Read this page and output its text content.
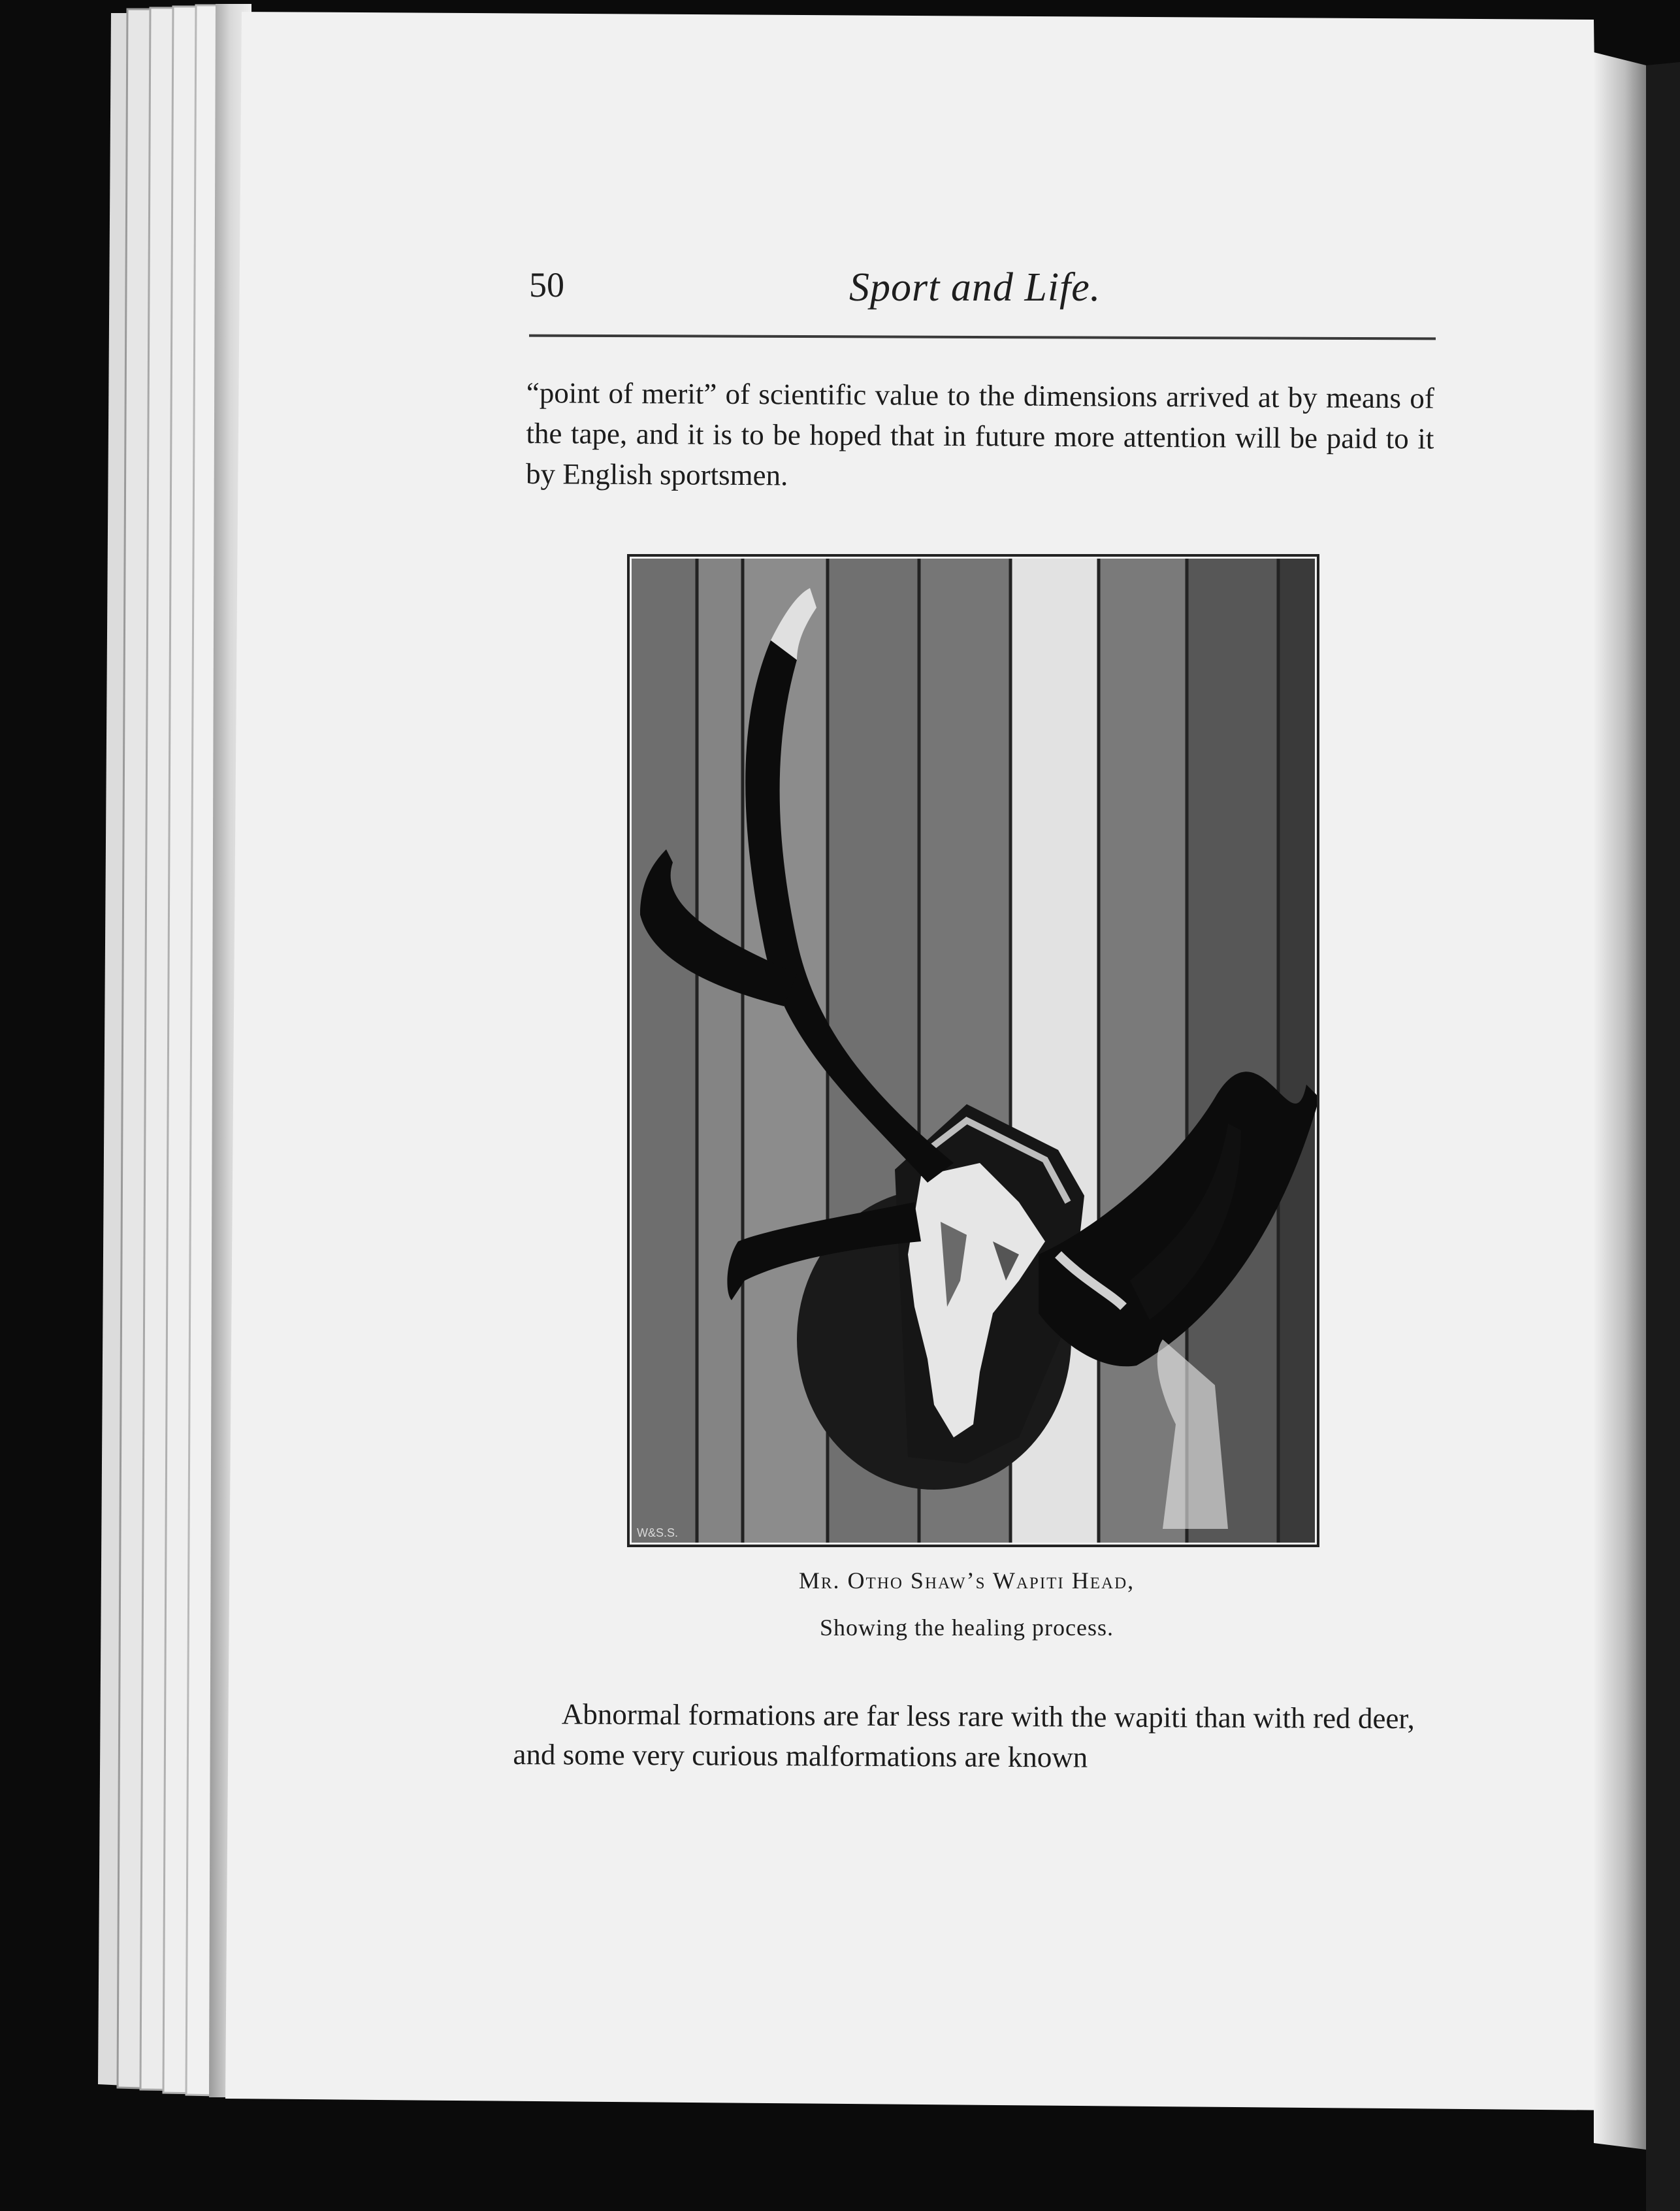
W&S.S.
50	Sport and Life.
“point of merit” of scientific value to the dimensions arrived at by means of the tape, and it is to be hoped that in future more attention will be paid to it by English sportsmen.
Mr. Otho Shaw’s Wapiti Head,
Showing the healing process.
Abnormal formations are far less rare with the wapiti than with red deer, and some very curious malformations are known
